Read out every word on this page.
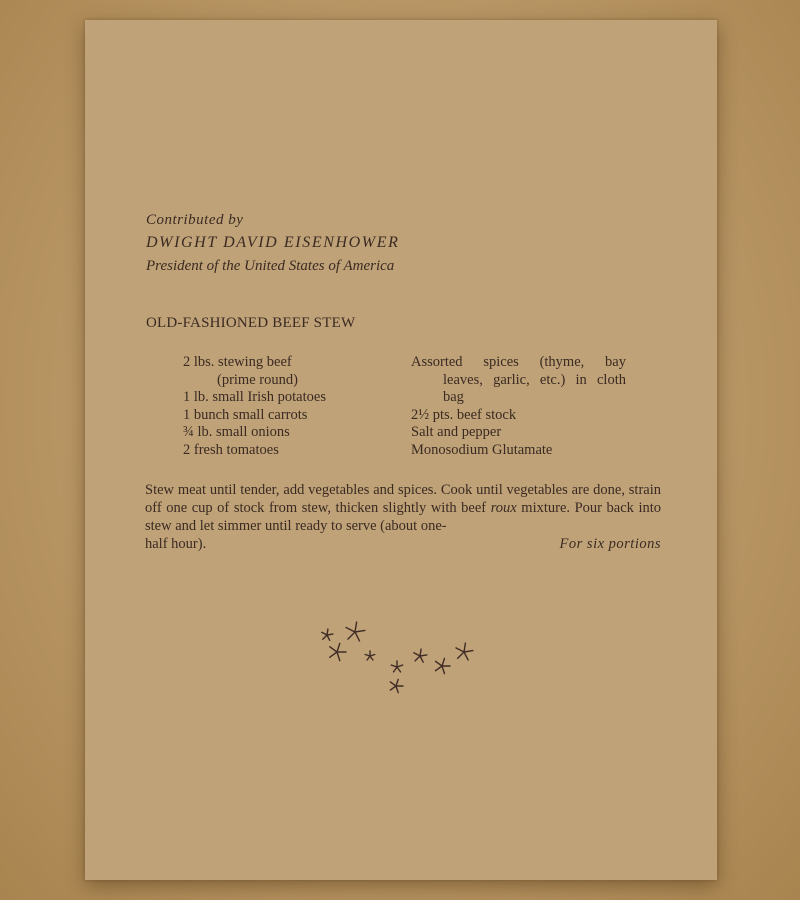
Contributed by
DWIGHT DAVID EISENHOWER
President of the United States of America
OLD-FASHIONED BEEF STEW
2 lbs. stewing beef
(prime round)
1 lb. small Irish potatoes
1 bunch small carrots
¾ lb. small onions
2 fresh tomatoes
Assorted spices (thyme, bay
leaves, garlic, etc.) in cloth
bag
2½ pts. beef stock
Salt and pepper
Monosodium Glutamate
Stew meat until tender, add vegetables and spices. Cook until vegetables are done, strain off one cup of stock from stew, thicken slightly with beef roux mixture. Pour back into stew and let simmer until ready to serve (about one-
half hour).	For six portions
